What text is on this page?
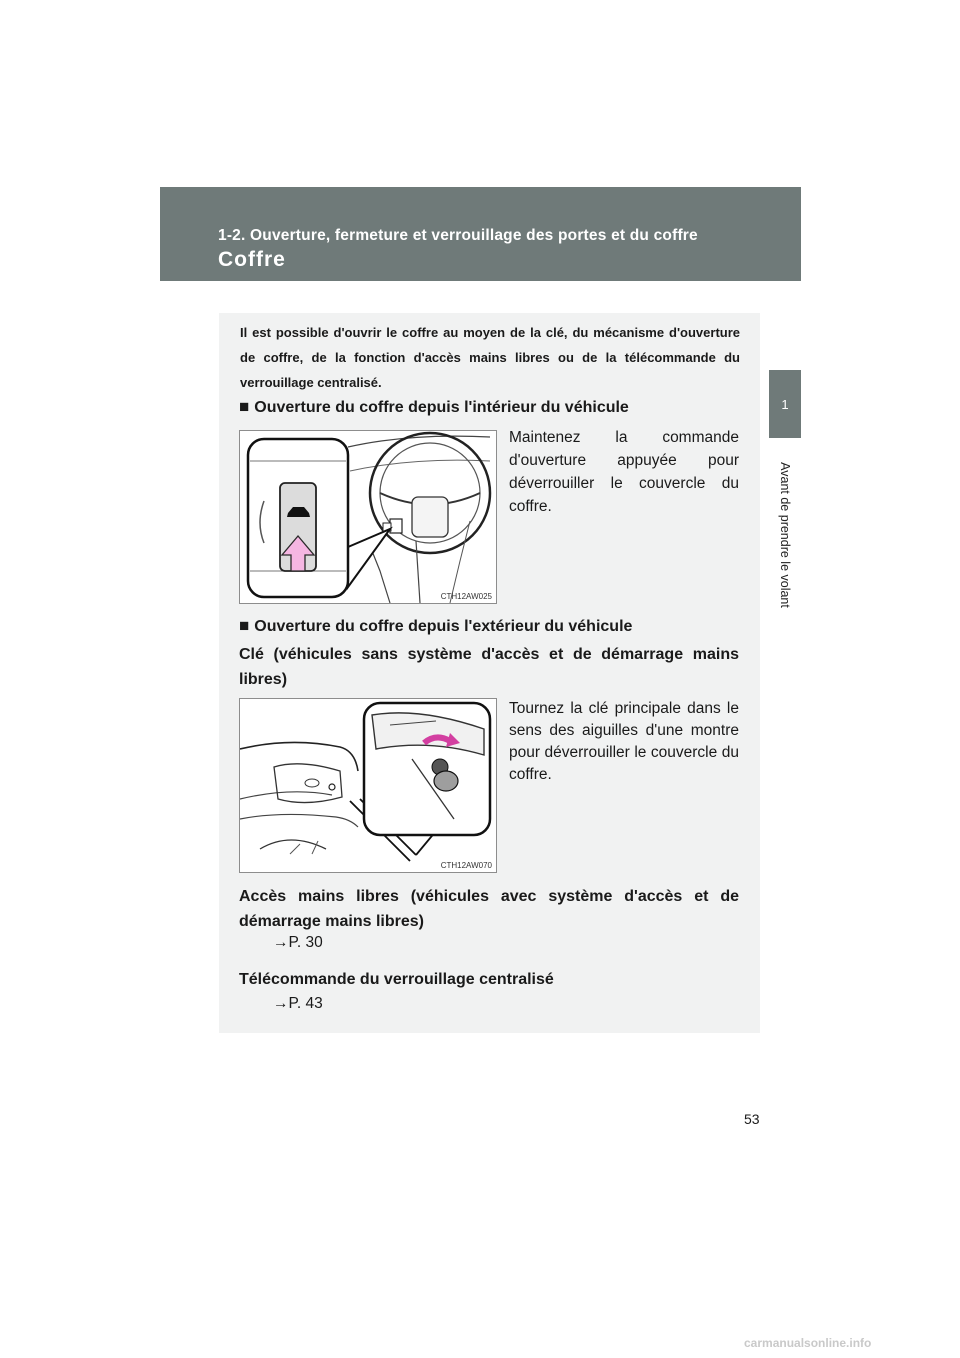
1-2. Ouverture, fermeture et verrouillage des portes et du coffre
Coffre
1
Avant de prendre le volant
Il est possible d'ouvrir le coffre au moyen de la clé, du mécanisme d'ouverture de coffre, de la fonction d'accès mains libres ou de la télécommande du verrouillage centralisé.
■ Ouverture du coffre depuis l'intérieur du véhicule
CTH12AW025
Maintenez la commande d'ouverture appuyée pour déverrouiller le couvercle du coffre.
■ Ouverture du coffre depuis l'extérieur du véhicule
Clé (véhicules sans système d'accès et de démarrage mains libres)
CTH12AW070
Tournez la clé principale dans le sens des aiguilles d'une montre pour déverrouiller le couvercle du coffre.
Accès mains libres (véhicules avec système d'accès et de démarrage mains libres)
→P. 30
Télécommande du verrouillage centralisé
→P. 43
53
carmanualsonline.info
